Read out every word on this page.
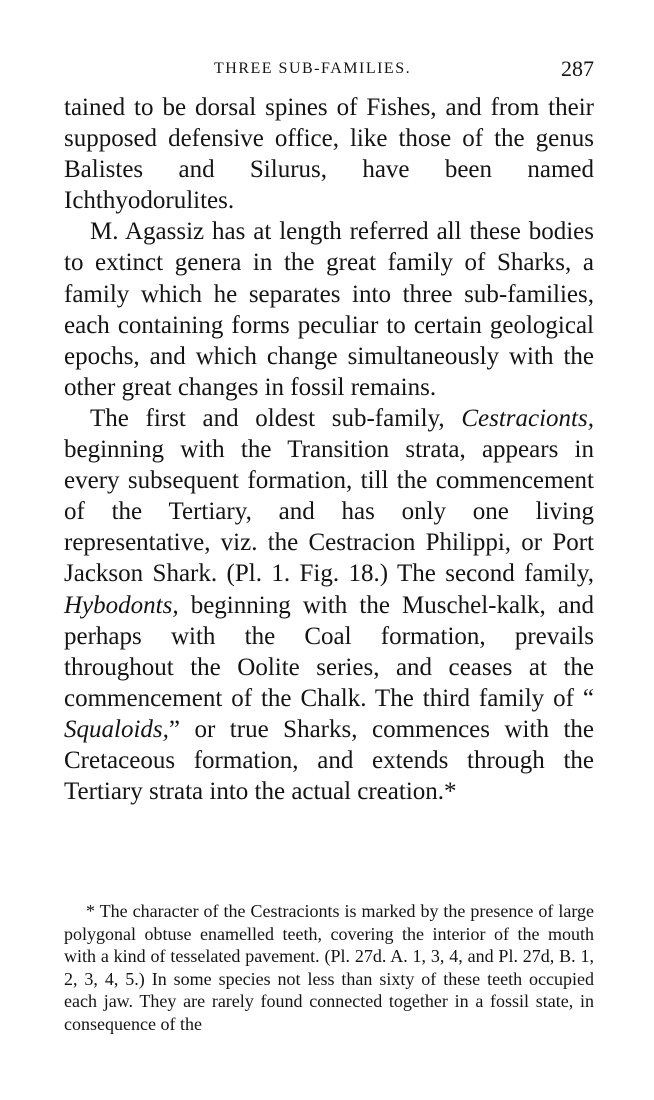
THREE SUB-FAMILIES.	287

tained to be dorsal spines of Fishes, and from their supposed defensive office, like those of the genus Balistes and Silurus, have been named Ichthyodorulites.

M. Agassiz has at length referred all these bodies to extinct genera in the great family of Sharks, a family which he separates into three sub-families, each containing forms peculiar to certain geological epochs, and which change simultaneously with the other great changes in fossil remains.

The first and oldest sub-family, Cestracionts, beginning with the Transition strata, appears in every subsequent formation, till the commencement of the Tertiary, and has only one living representative, viz. the Cestracion Philippi, or Port Jackson Shark. (Pl. 1. Fig. 18.) The second family, Hybodonts, beginning with the Muschel-kalk, and perhaps with the Coal formation, prevails throughout the Oolite series, and ceases at the commencement of the Chalk. The third family of “ Squaloids,” or true Sharks, commences with the Cretaceous formation, and extends through the Tertiary strata into the actual creation.*

* The character of the Cestracionts is marked by the presence of large polygonal obtuse enamelled teeth, covering the interior of the mouth with a kind of tesselated pavement. (Pl. 27d. A. 1, 3, 4, and Pl. 27d, B. 1, 2, 3, 4, 5.) In some species not less than sixty of these teeth occupied each jaw. They are rarely found connected together in a fossil state, in consequence of the
